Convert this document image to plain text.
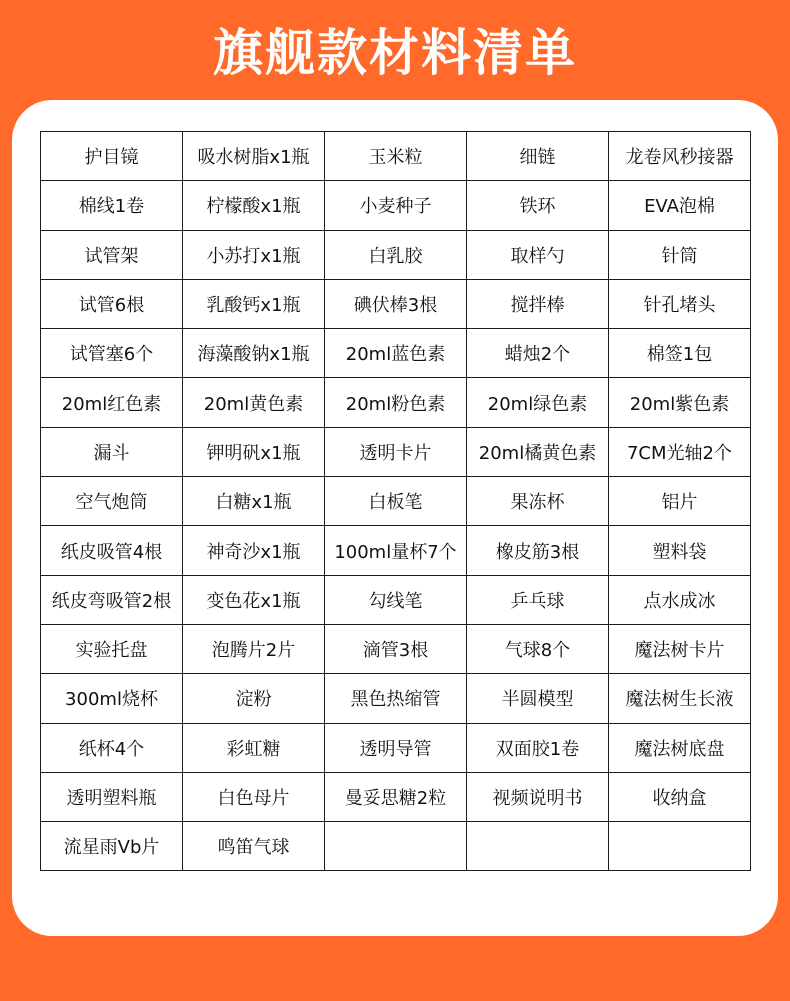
旗舰款材料清单
护目镜	吸水树脂x1瓶	玉米粒	细链	龙卷风秒接器
棉线1卷	柠檬酸x1瓶	小麦种子	铁环	EVA泡棉
试管架	小苏打x1瓶	白乳胶	取样勺	针筒
试管6根	乳酸钙x1瓶	碘伏棒3根	搅拌棒	针孔堵头
试管塞6个	海藻酸钠x1瓶	20ml蓝色素	蜡烛2个	棉签1包
20ml红色素	20ml黄色素	20ml粉色素	20ml绿色素	20ml紫色素
漏斗	钾明矾x1瓶	透明卡片	20ml橘黄色素	7CM光轴2个
空气炮筒	白糖x1瓶	白板笔	果冻杯	铝片
纸皮吸管4根	神奇沙x1瓶	100ml量杯7个	橡皮筋3根	塑料袋
纸皮弯吸管2根	变色花x1瓶	勾线笔	乒乓球	点水成冰
实验托盘	泡腾片2片	滴管3根	气球8个	魔法树卡片
300ml烧杯	淀粉	黑色热缩管	半圆模型	魔法树生长液
纸杯4个	彩虹糖	透明导管	双面胶1卷	魔法树底盘
透明塑料瓶	白色母片	曼妥思糖2粒	视频说明书	收纳盒
流星雨Vb片	鸣笛气球			
